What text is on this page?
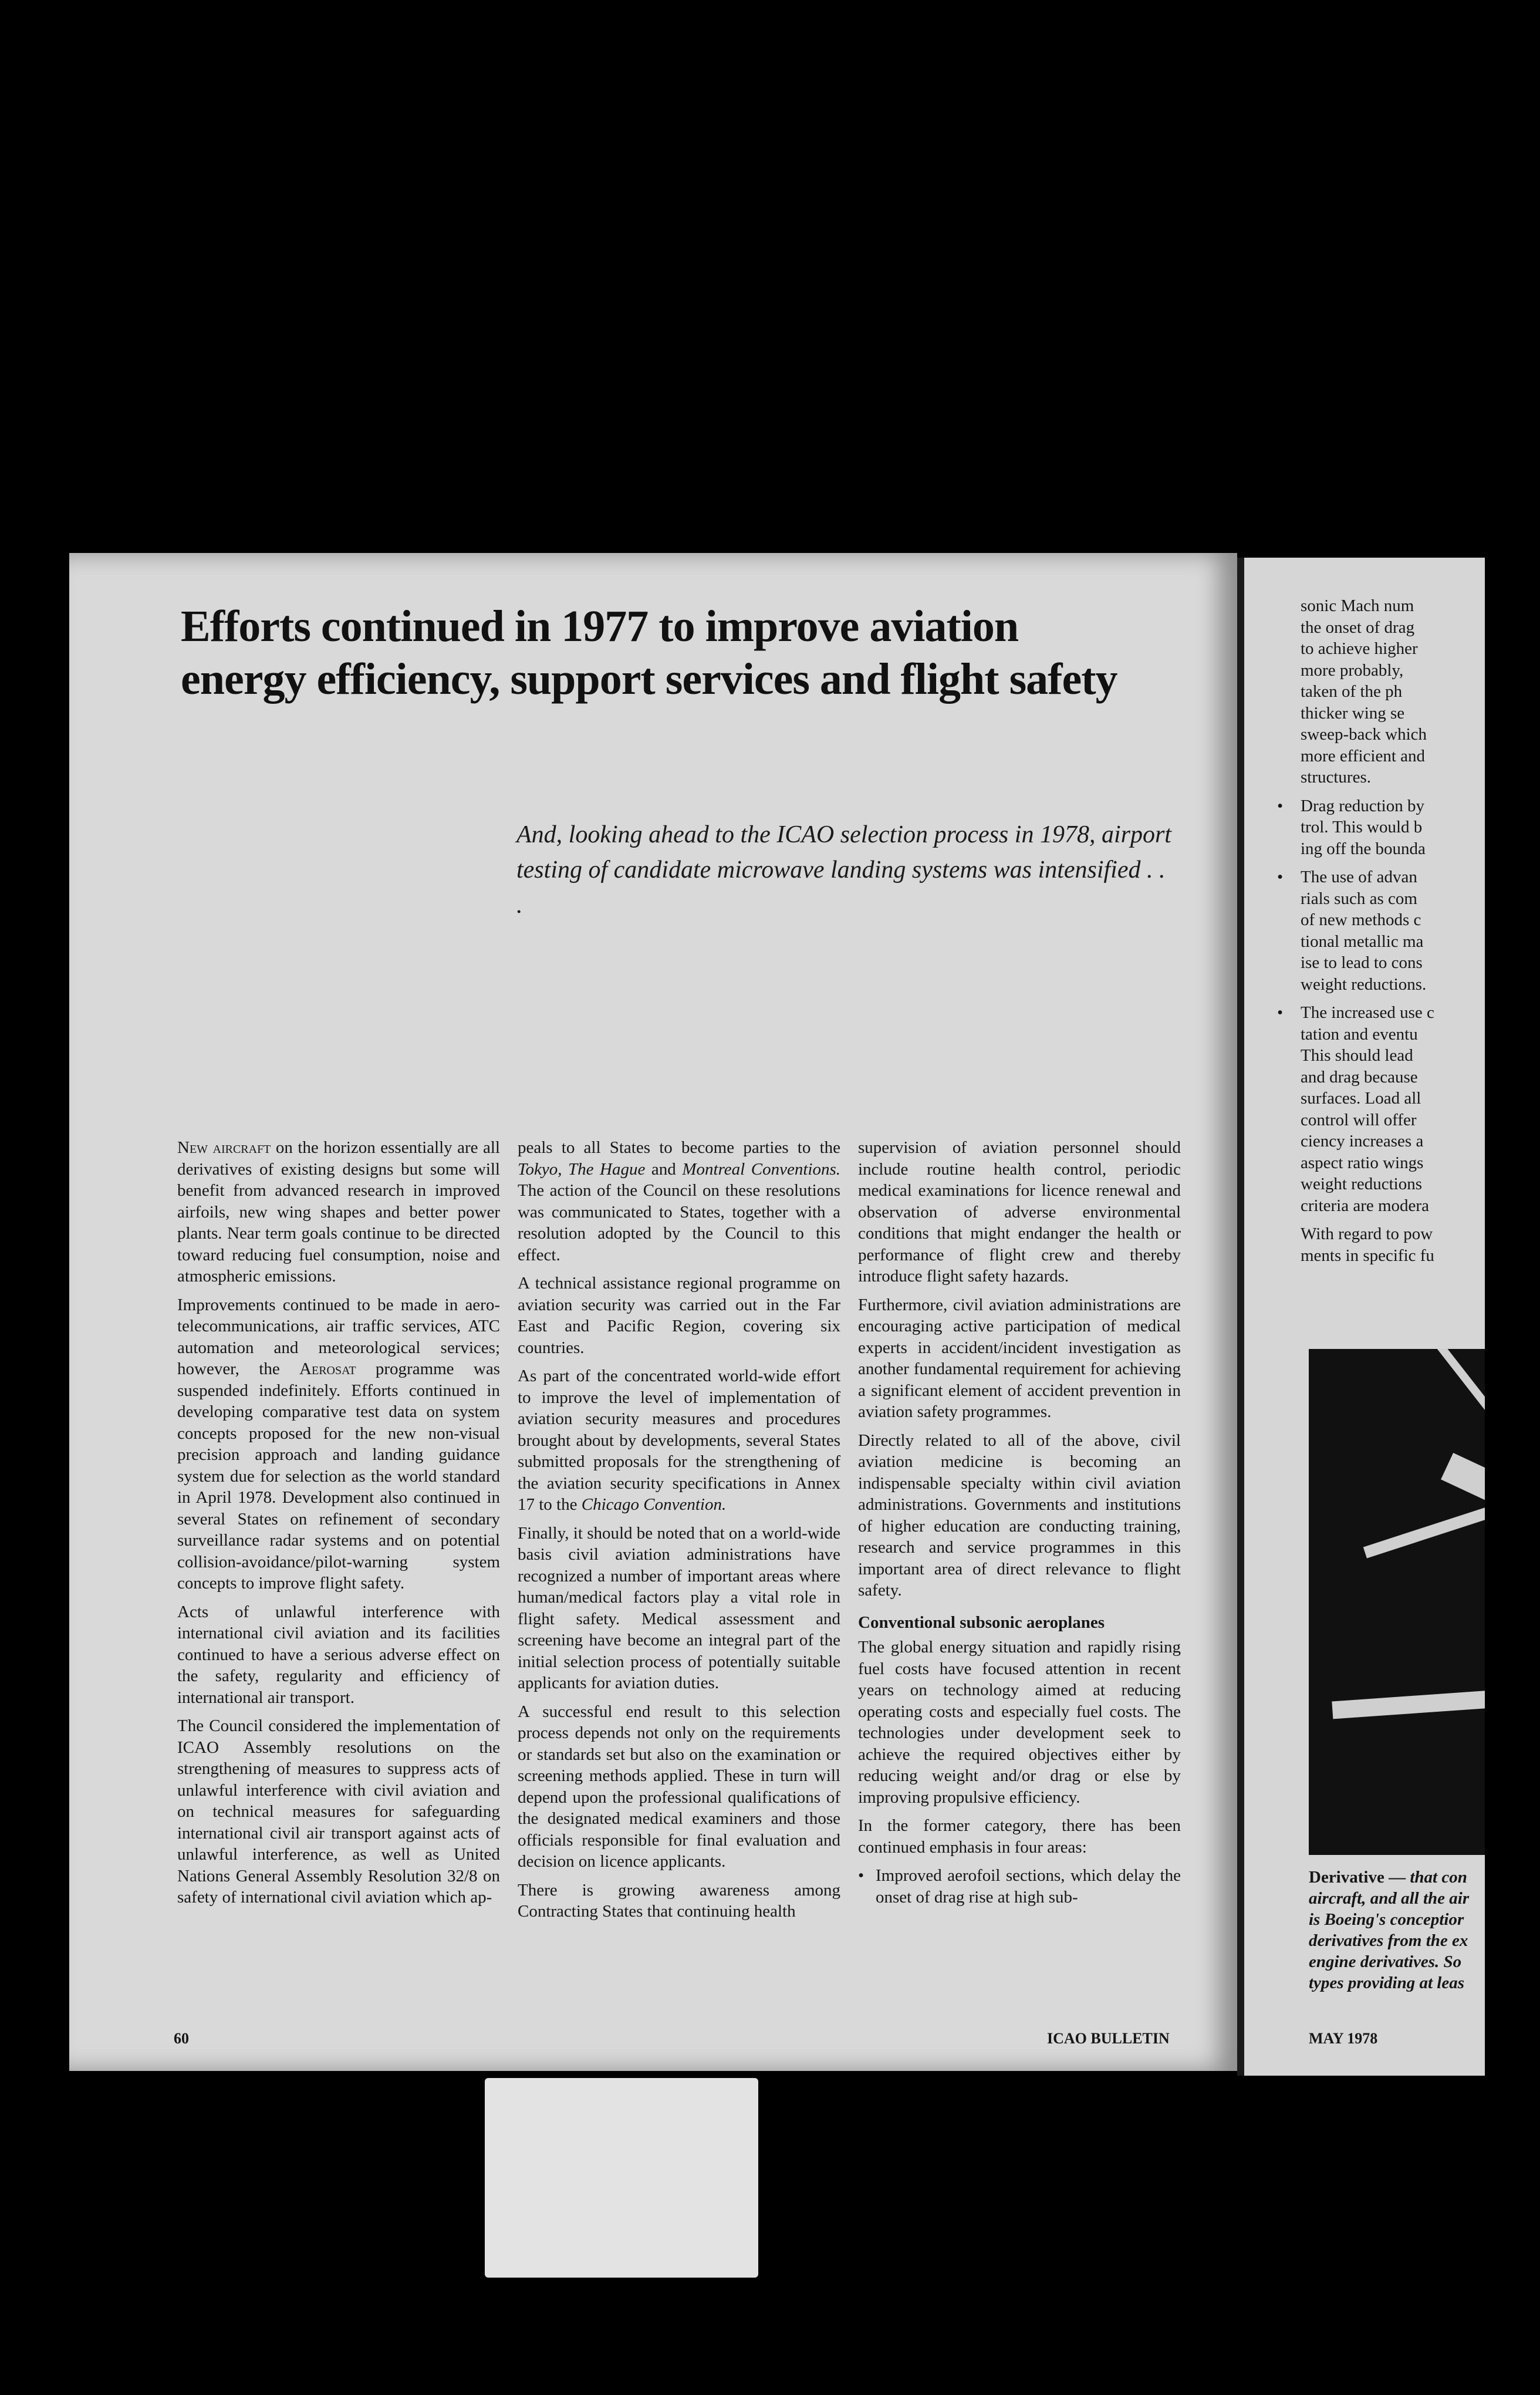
Efforts continued in 1977 to improve aviation energy efficiency, support services and flight safety

And, looking ahead to the ICAO selection process in 1978, airport testing of candidate microwave landing systems was intensified . . .

New aircraft on the horizon essentially are all derivatives of existing designs but some will benefit from advanced research in improved airfoils, new wing shapes and better power plants. Near term goals continue to be directed toward reducing fuel consumption, noise and atmospheric emissions.

Improvements continued to be made in aero-telecommunications, air traffic services, ATC automation and meteorological services; however, the Aerosat programme was suspended indefinitely. Efforts continued in developing comparative test data on system concepts proposed for the new non-visual precision approach and landing guidance system due for selection as the world standard in April 1978. Development also continued in several States on refinement of secondary surveillance radar systems and on potential collision-avoidance/pilot-warning system concepts to improve flight safety.

Acts of unlawful interference with international civil aviation and its facilities continued to have a serious adverse effect on the safety, regularity and efficiency of international air transport.

The Council considered the implementation of ICAO Assembly resolutions on the strengthening of measures to suppress acts of unlawful interference with civil aviation and on technical measures for safeguarding international civil air transport against acts of unlawful interference, as well as United Nations General Assembly Resolution 32/8 on safety of international civil aviation which ap-

peals to all States to become parties to the Tokyo, The Hague and Montreal Conventions. The action of the Council on these resolutions was communicated to States, together with a resolution adopted by the Council to this effect.

A technical assistance regional programme on aviation security was carried out in the Far East and Pacific Region, covering six countries.

As part of the concentrated world-wide effort to improve the level of implementation of aviation security measures and procedures brought about by developments, several States submitted proposals for the strengthening of the aviation security specifications in Annex 17 to the Chicago Convention.

Finally, it should be noted that on a world-wide basis civil aviation administrations have recognized a number of important areas where human/medical factors play a vital role in flight safety. Medical assessment and screening have become an integral part of the initial selection process of potentially suitable applicants for aviation duties.

A successful end result to this selection process depends not only on the requirements or standards set but also on the examination or screening methods applied. These in turn will depend upon the professional qualifications of the designated medical examiners and those officials responsible for final evaluation and decision on licence applicants.

There is growing awareness among Contracting States that continuing health

supervision of aviation personnel should include routine health control, periodic medical examinations for licence renewal and observation of adverse environmental conditions that might endanger the health or performance of flight crew and thereby introduce flight safety hazards.

Furthermore, civil aviation administrations are encouraging active participation of medical experts in accident/incident investigation as another fundamental requirement for achieving a significant element of accident prevention in aviation safety programmes.

Directly related to all of the above, civil aviation medicine is becoming an indispensable specialty within civil aviation administrations. Governments and institutions of higher education are conducting training, research and service programmes in this important area of direct relevance to flight safety.

Conventional subsonic aeroplanes

The global energy situation and rapidly rising fuel costs have focused attention in recent years on technology aimed at reducing operating costs and especially fuel costs. The technologies under development seek to achieve the required objectives either by reducing weight and/or drag or else by improving propulsive efficiency.

In the former category, there has been continued emphasis in four areas:

• Improved aerofoil sections, which delay the onset of drag rise at high sub-

60	ICAO BULLETIN

sonic Mach num
the onset of drag
to achieve higher
more probably,
taken of the ph
thicker wing se
sweep-back which
more efficient and
structures.

•	Drag reduction by
trol. This would b
ing off the bounda
•	The use of advan
rials such as com
of new methods c
tional metallic ma
ise to lead to cons
weight reductions.
•	The increased use c
tation and eventu
This should lead
and drag because
surfaces. Load all
control will offer
ciency increases a
aspect ratio wings
weight reductions
criteria are modera

With regard to pow
ments in specific fu

Derivative — that con
aircraft, and all the air
is Boeing's conceptior
derivatives from the ex
engine derivatives. So
types providing at leas
MAY 1978
